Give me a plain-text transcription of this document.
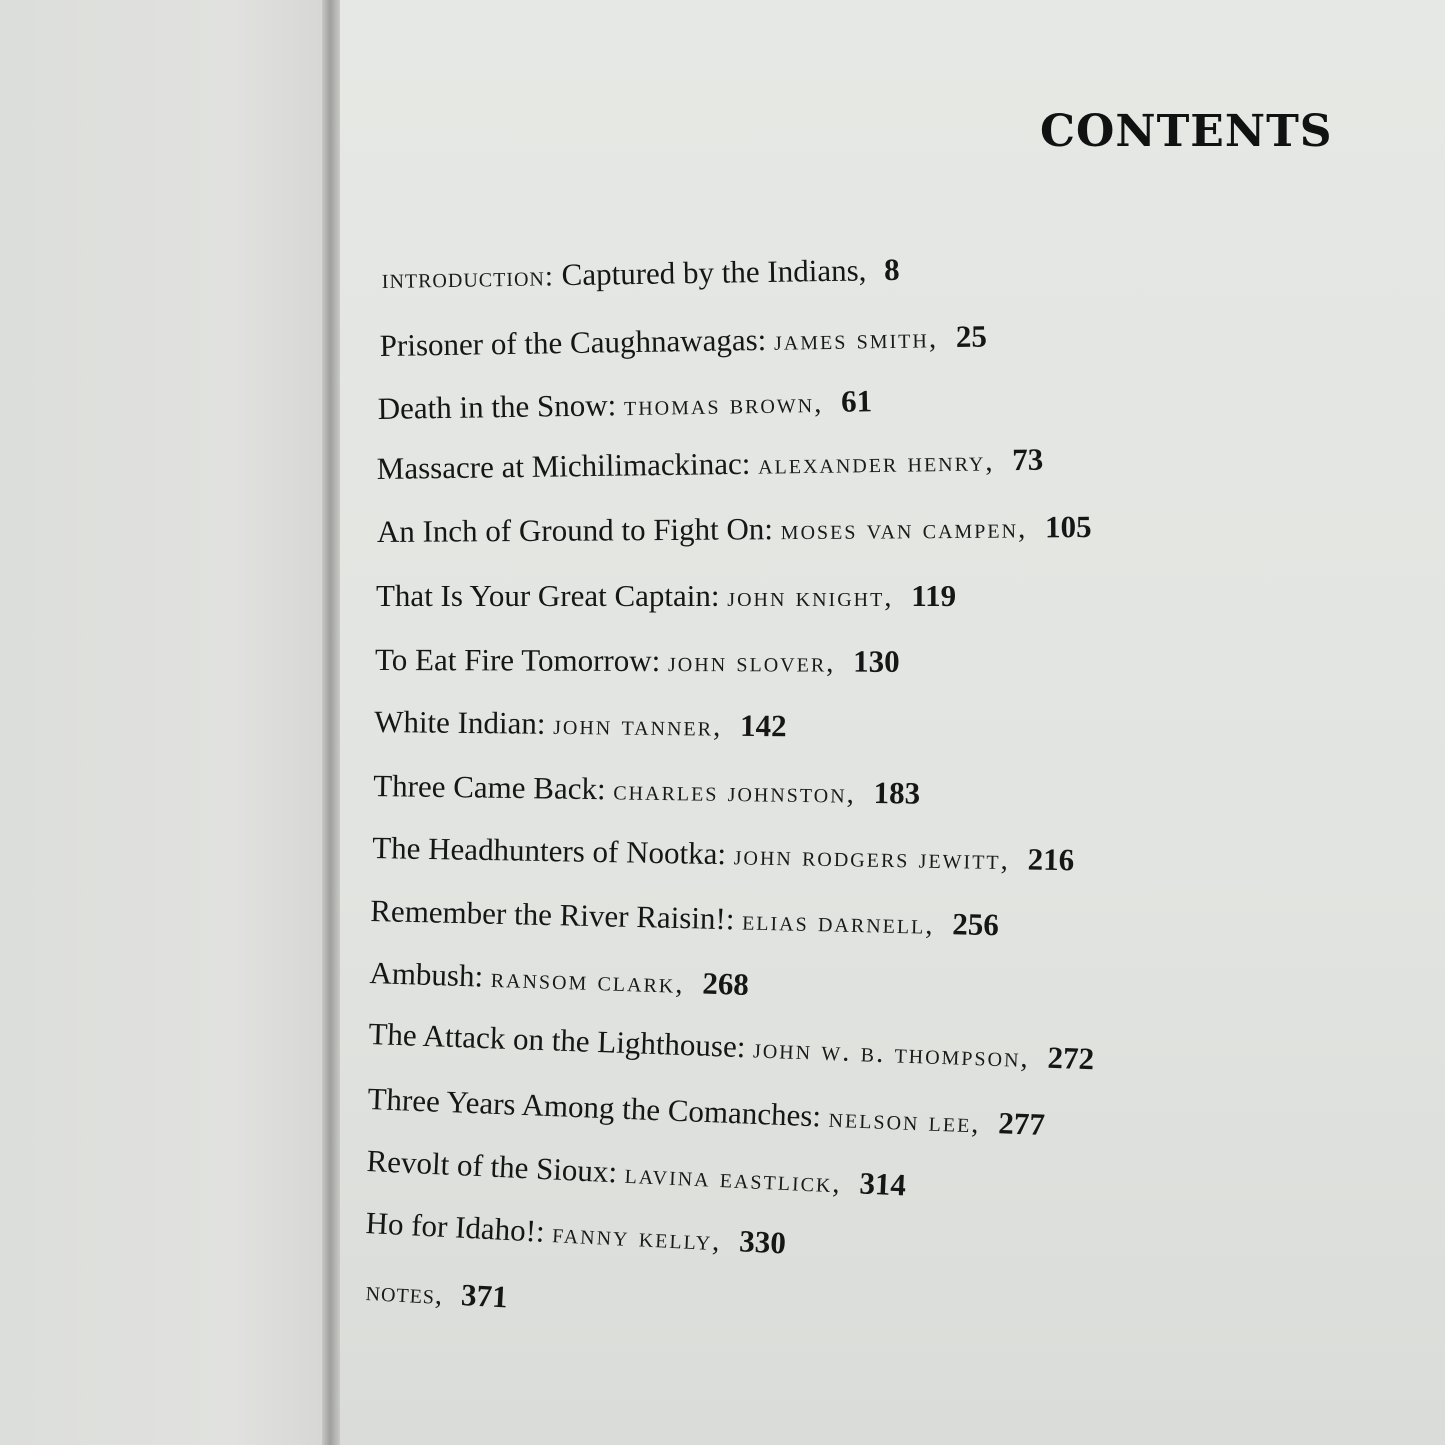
CONTENTS
introduction: Captured by the Indians, 8
Prisoner of the Caughnawagas: james smith, 25
Death in the Snow: thomas brown, 61
Massacre at Michilimackinac: alexander henry, 73
An Inch of Ground to Fight On: moses van campen, 105
That Is Your Great Captain: john knight, 119
To Eat Fire Tomorrow: john slover, 130
White Indian: john tanner, 142
Three Came Back: charles johnston, 183
The Headhunters of Nootka: john rodgers jewitt, 216
Remember the River Raisin!: elias darnell, 256
Ambush: ransom clark, 268
The Attack on the Lighthouse: john w. b. thompson, 272
Three Years Among the Comanches: nelson lee, 277
Revolt of the Sioux: lavina eastlick, 314
Ho for Idaho!: fanny kelly, 330
notes, 371
